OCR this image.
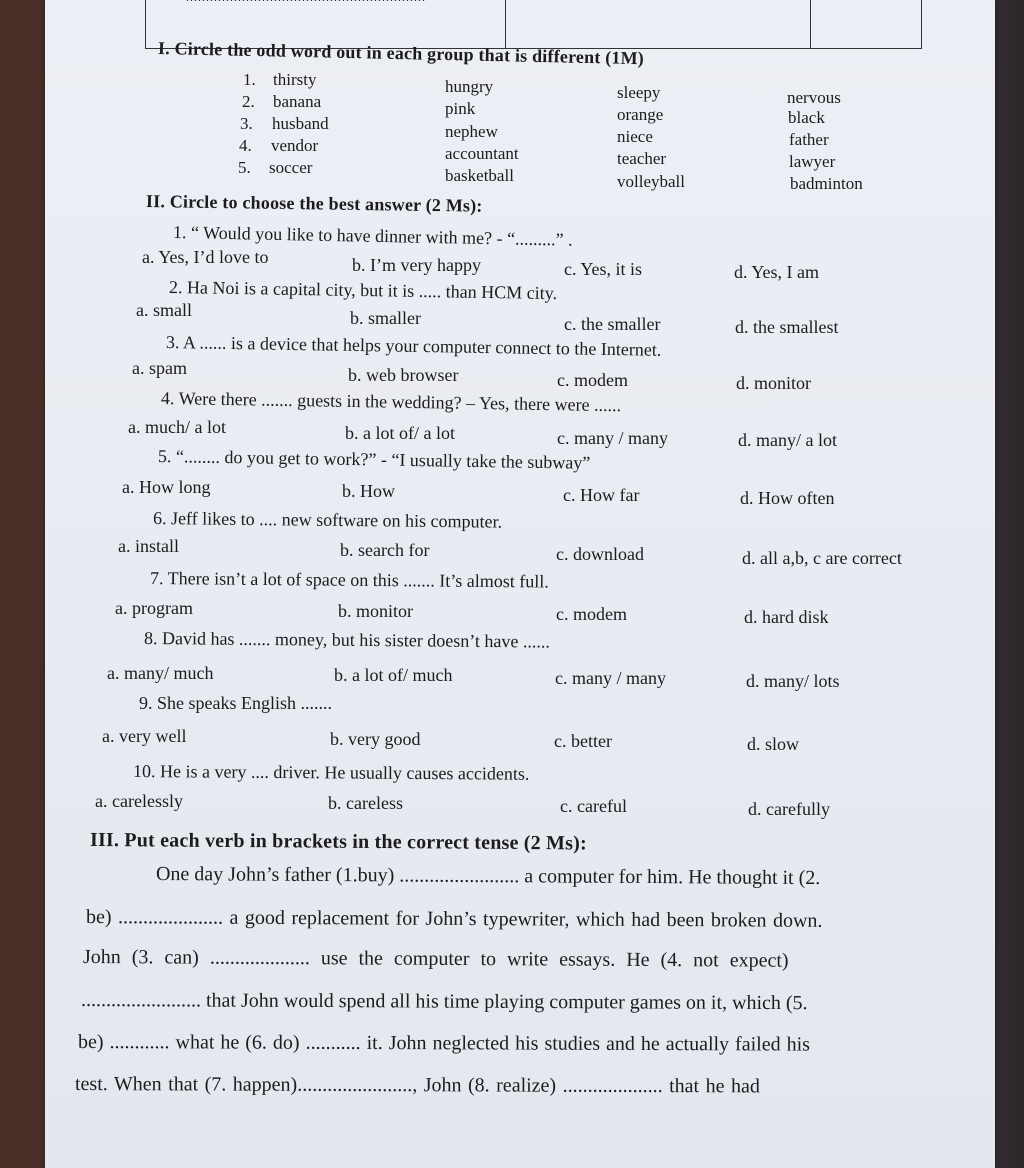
I. Circle the odd word out in each group that is different (1M)
1. thirsty	hungry	sleepy	nervous
2. banana	pink	orange	black
3. husband	nephew	niece	father
4. vendor	accountant	teacher	lawyer
5. soccer	basketball	volleyball	badminton
II. Circle to choose the best answer (2 Ms):
1. “ Would you like to have dinner with me? - “.........” .
a. Yes, I’d love to	b. I’m very happy	c. Yes, it is	d. Yes, I am
2. Ha Noi is a capital city, but it is ..... than HCM city.
a. small	b. smaller	c. the smaller	d. the smallest
3. A ...... is a device that helps your computer connect to the Internet.
a. spam	b. web browser	c. modem	d. monitor
4. Were there ....... guests in the wedding? – Yes, there were ......
a. much/ a lot	b. a lot of/ a lot	c. many / many	d. many/ a lot
5. “........ do you get to work?” - “I usually take the subway”
a. How long	b. How	c. How far	d. How often
6. Jeff likes to .... new software on his computer.
a. install	b. search for	c. download	d. all a,b, c are correct
7. There isn’t a lot of space on this ....... It’s almost full.
a. program	b. monitor	c. modem	d. hard disk
8. David has ....... money, but his sister doesn’t have ......
a. many/ much	b. a lot of/ much	c. many / many	d. many/ lots
9. She speaks English .......
a. very well	b. very good	c. better	d. slow
10. He is a very .... driver. He usually causes accidents.
a. carelessly	b. careless	c. careful	d. carefully
III. Put each verb in brackets in the correct tense (2 Ms):
One day John’s father (1.buy) ........................ a computer for him. He thought it (2.
be) ..................... a good replacement for John’s typewriter, which had been broken down.
John (3. can) .................... use the computer to write essays. He (4. not expect)
........................ that John would spend all his time playing computer games on it, which (5.
be) ............ what he (6. do) ........... it. John neglected his studies and he actually failed his
test. When that (7. happen)......................., John (8. realize) .................... that he had
